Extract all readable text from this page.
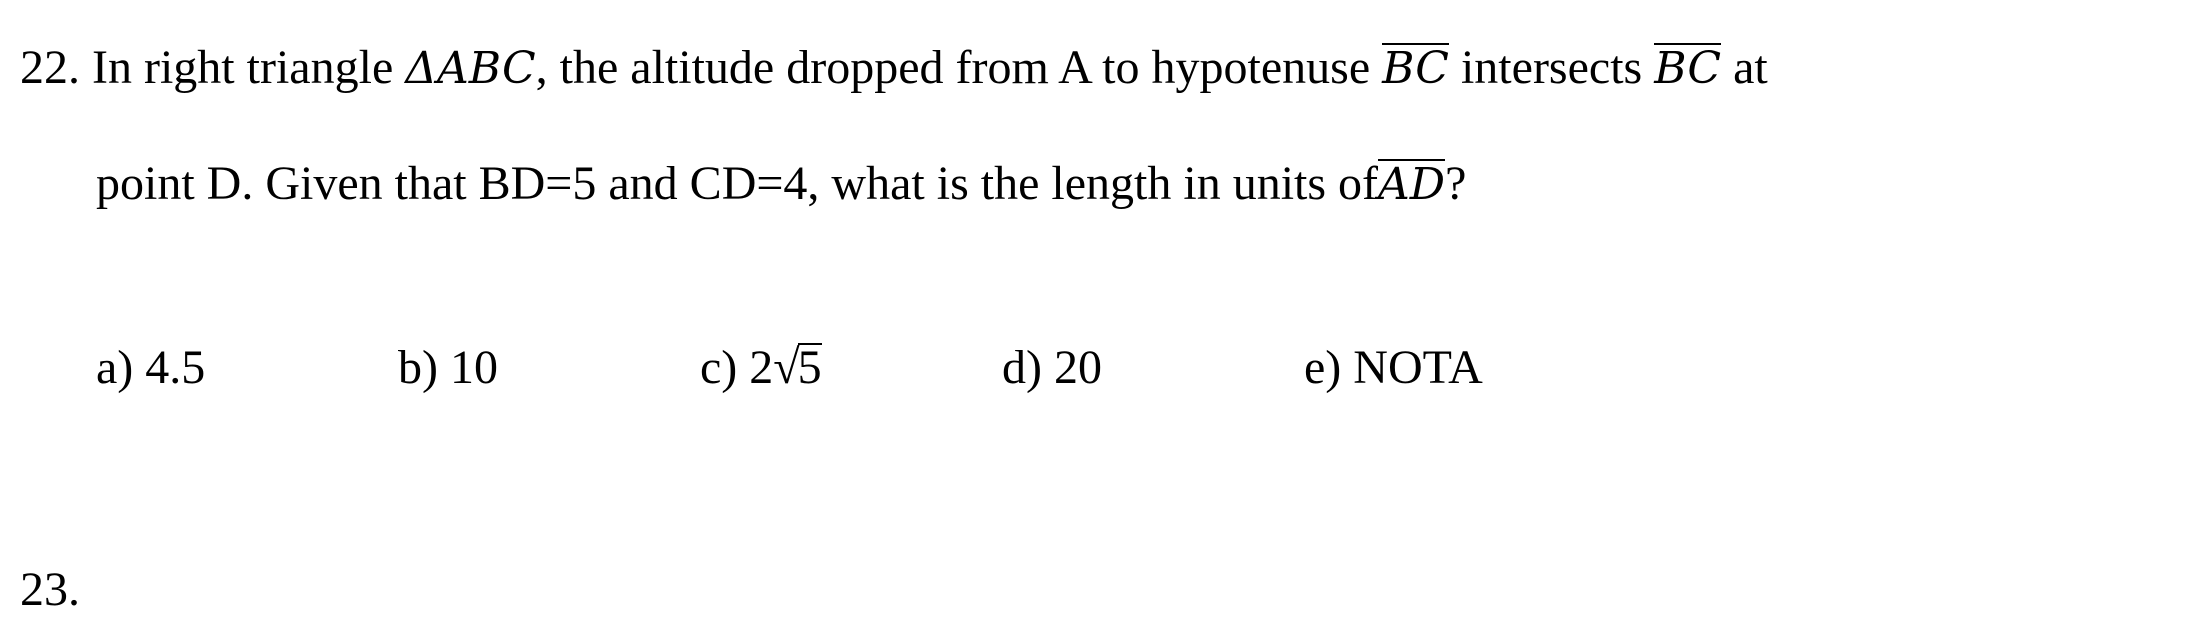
22. In right triangle ΔABC, the altitude dropped from A to hypotenuse BC intersects BC at
point D. Given that BD=5 and CD=4, what is the length in units ofAD?
a) 4.5	b) 10	c) 2√5	d) 20	e) NOTA
23.
